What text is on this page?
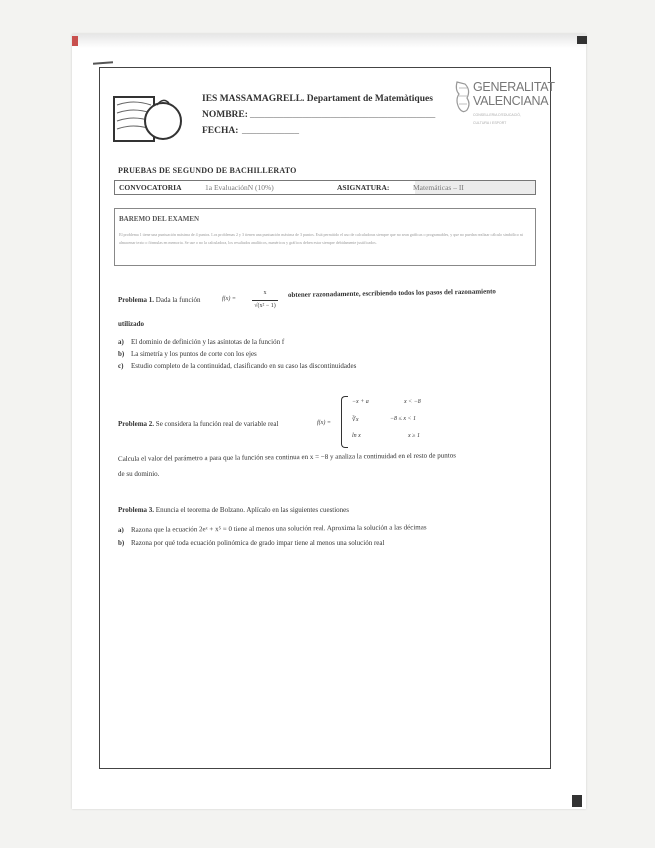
IES MASSAMAGRELL. Departament de Matemàtiques
NOMBRE: _______________________________________
FECHA: ____________
GENERALITAT
VALENCIANA
CONSELLERIA D'EDUCACIÓ,
CULTURA I ESPORT
PRUEBAS DE SEGUNDO DE BACHILLERATO
CONVOCATORIA	1a EvaluaciónN (10%)	ASIGNATURA:	Matemáticas – II
BAREMO DEL EXAMEN
El problema 1 tiene una puntuación máxima de 4 puntos. Los problemas 2 y 3 tienen una puntuación máxima de 3 puntos. Está permitido el uso de calculadoras siempre que no sean gráficas o programables, y que no puedan realizar cálculo simbólico ni almacenar texto o fórmulas en memoria. Se use o no la calculadora, los resultados analíticos, numéricos y gráficos deben estar siempre debidamente justificados.
Problema 1. Dada la función	f(x) =
x
√(x² − 1)
obtener razonadamente, escribiendo todos los pasos del razonamiento
utilizado
a) El dominio de definición y las asíntotas de la función f
b) La simetría y los puntos de corte con los ejes
c) Estudio completo de la continuidad, clasificando en su caso las discontinuidades
Problema 2. Se considera la función real de variable real	f(x) =
−x + a	x < −8
∛x	−8 ≤ x < 1
ln x	x ≥ 1
Calcula el valor del parámetro a para que la función sea continua en x = −8 y analiza la continuidad en el resto de puntos
de su dominio.
Problema 3. Enuncia el teorema de Bolzano. Aplícalo en las siguientes cuestiones
a) Razona que la ecuación 2eˣ + x⁵ = 0 tiene al menos una solución real. Aproxima la solución a las décimas
b) Razona por qué toda ecuación polinómica de grado impar tiene al menos una solución real
